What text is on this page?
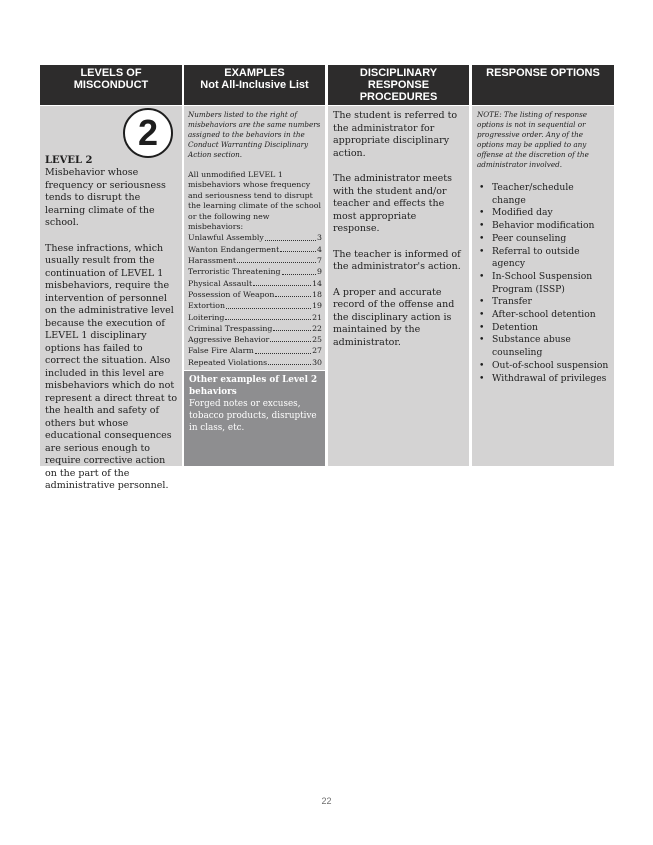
LEVELS OF
MISCONDUCT
2
LEVEL 2

Misbehavior whose frequency or seriousness tends to disrupt the learning climate of the school.

These infractions, which usually result from the continuation of LEVEL 1 misbehaviors, require the intervention of personnel on the administrative level because the execution of LEVEL 1 disciplinary options has failed to correct the situation. Also included in this level are misbehaviors which do not represent a direct threat to the health and safety of others but whose educational consequences are serious enough to require corrective action on the part of the administrative personnel.

EXAMPLES
Not All-Inclusive List

Numbers listed to the right of misbehaviors are the same numbers assigned to the behaviors in the Conduct Warranting Disciplinary Action section.

All unmodified LEVEL 1 misbehaviors whose frequency and seriousness tend to disrupt the learning climate of the school or the following new misbehaviors:

Unlawful Assembly	3
Wanton Endangerment	4
Harassment	7
Terroristic Threatening	9
Physical Assault	14
Possession of Weapon	18
Extortion	19
Loitering	21
Criminal Trespassing	22
Aggressive Behavior	25
False Fire Alarm	27
Repeated Violations	30
Other examples of Level 2 behaviors
Forged notes or excuses, tobacco products, disruptive in class, etc.
DISCIPLINARY
RESPONSE
PROCEDURES

The student is referred to the administrator for appropriate disciplinary action.

The administrator meets with the student and/or teacher and effects the most appropriate response.

The teacher is informed of the administrator's action.

A proper and accurate record of the offense and the disciplinary action is maintained by the administrator.

RESPONSE OPTIONS

NOTE: The listing of response options is not in sequential or progressive order. Any of the options may be applied to any offense at the discretion of the administrator involved.

• Teacher/schedule change
• Modified day
• Behavior modification
• Peer counseling
• Referral to outside agency
• In-School Suspension Program (ISSP)
• Transfer
• After-school detention
• Detention
• Substance abuse counseling
• Out-of-school suspension
• Withdrawal of privileges
22
